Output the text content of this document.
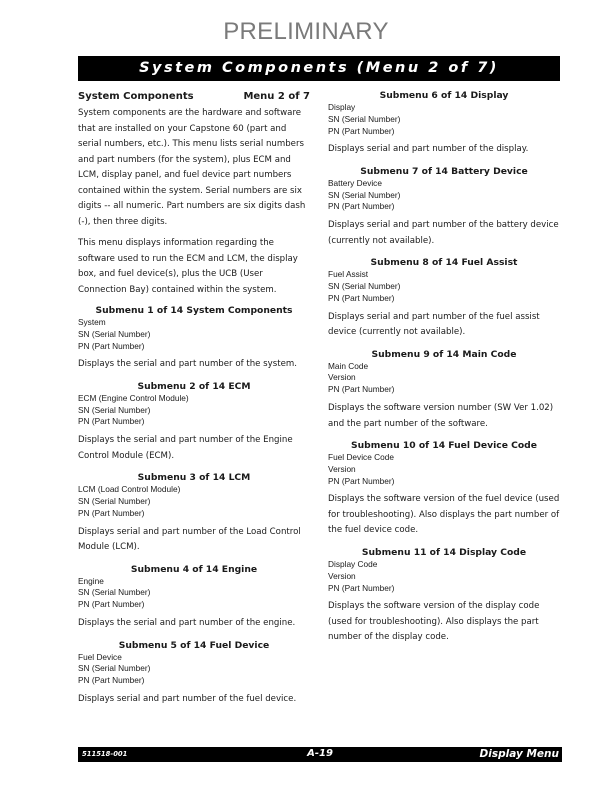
PRELIMINARY
System Components (Menu 2 of 7)
System Components	Menu 2 of 7

System components are the hardware and software that are installed on your Capstone 60 (part and serial numbers, etc.). This menu lists serial numbers and part numbers (for the system), plus ECM and LCM, display panel, and fuel device part numbers contained within the system. Serial numbers are six digits -- all numeric. Part numbers are six digits dash (-), then three digits.

This menu displays information regarding the software used to run the ECM and LCM, the display box, and fuel device(s), plus the UCB (User Connection Bay) contained within the system.

Submenu 1 of 14 System Components
System
SN (Serial Number)
PN (Part Number)

Displays the serial and part number of the system.

Submenu 2 of 14 ECM
ECM (Engine Control Module)
SN (Serial Number)
PN (Part Number)

Displays the serial and part number of the Engine Control Module (ECM).

Submenu 3 of 14 LCM
LCM (Load Control Module)
SN (Serial Number)
PN (Part Number)

Displays serial and part number of the Load Control Module (LCM).

Submenu 4 of 14 Engine
Engine
SN (Serial Number)
PN (Part Number)

Displays the serial and part number of the engine.

Submenu 5 of 14 Fuel Device
Fuel Device
SN (Serial Number)
PN (Part Number)

Displays serial and part number of the fuel device.

Submenu 6 of 14 Display
Display
SN (Serial Number)
PN (Part Number)

Displays serial and part number of the display.

Submenu 7 of 14 Battery Device
Battery Device
SN (Serial Number)
PN (Part Number)

Displays serial and part number of the battery device (currently not available).

Submenu 8 of 14 Fuel Assist
Fuel Assist
SN (Serial Number)
PN (Part Number)

Displays serial and part number of the fuel assist device (currently not available).

Submenu 9 of 14 Main Code
Main Code
Version
PN (Part Number)

Displays the software version number (SW Ver 1.02) and the part number of the software.

Submenu 10 of 14 Fuel Device Code
Fuel Device Code
Version
PN (Part Number)

Displays the software version of the fuel device (used for troubleshooting). Also displays the part number of the fuel device code.

Submenu 11 of 14 Display Code
Display Code
Version
PN (Part Number)

Displays the software version of the display code (used for troubleshooting). Also displays the part number of the display code.

511518-001	A-19	Display Menu
